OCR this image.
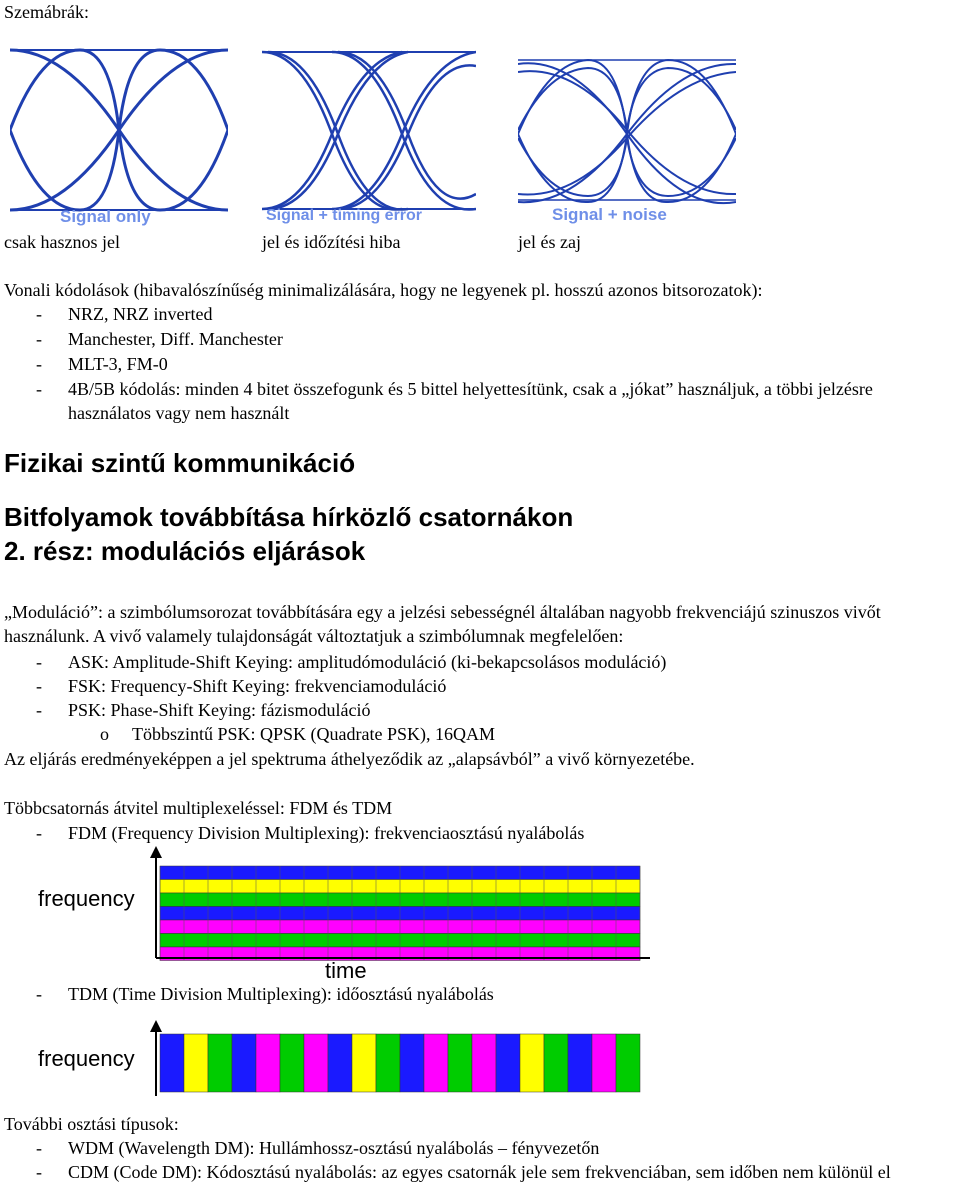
Szemábrák:
Signal only	Signal + timing error	Signal + noise
csak hasznos jel	jel és időzítési hiba	jel és zaj
Vonali kódolások (hibavalószínűség minimalizálására, hogy ne legyenek pl. hosszú azonos bitsorozatok):
- NRZ, NRZ inverted
- Manchester, Diff. Manchester
- MLT-3, FM-0
- 4B/5B kódolás: minden 4 bitet összefogunk és 5 bittel helyettesítünk, csak a „jókat” használjuk, a többi jelzésre használatos vagy nem használt
Fizikai szintű kommunikáció
Bitfolyamok továbbítása hírközlő csatornákon
2. rész: modulációs eljárások
„Moduláció”: a szimbólumsorozat továbbítására egy a jelzési sebességnél általában nagyobb frekvenciájú szinuszos vivőt használunk. A vivő valamely tulajdonságát változtatjuk a szimbólumnak megfelelően:
- ASK: Amplitude-Shift Keying: amplitudómoduláció (ki-bekapcsolásos moduláció)
- FSK: Frequency-Shift Keying: frekvenciamoduláció
- PSK: Phase-Shift Keying: fázismoduláció
o Többszintű PSK: QPSK (Quadrate PSK), 16QAM
Az eljárás eredményeképpen a jel spektruma áthelyeződik az „alapsávból” a vivő környezetébe.
Többcsatornás átvitel multiplexeléssel: FDM és TDM
- FDM (Frequency Division Multiplexing): frekvenciaosztású nyalábolás
frequency
time
- TDM (Time Division Multiplexing): időosztású nyalábolás
frequency
További osztási típusok:
- WDM (Wavelength DM): Hullámhossz-osztású nyalábolás – fényvezetőn
- CDM (Code DM): Kódosztású nyalábolás: az egyes csatornák jele sem frekvenciában, sem időben nem különül el
